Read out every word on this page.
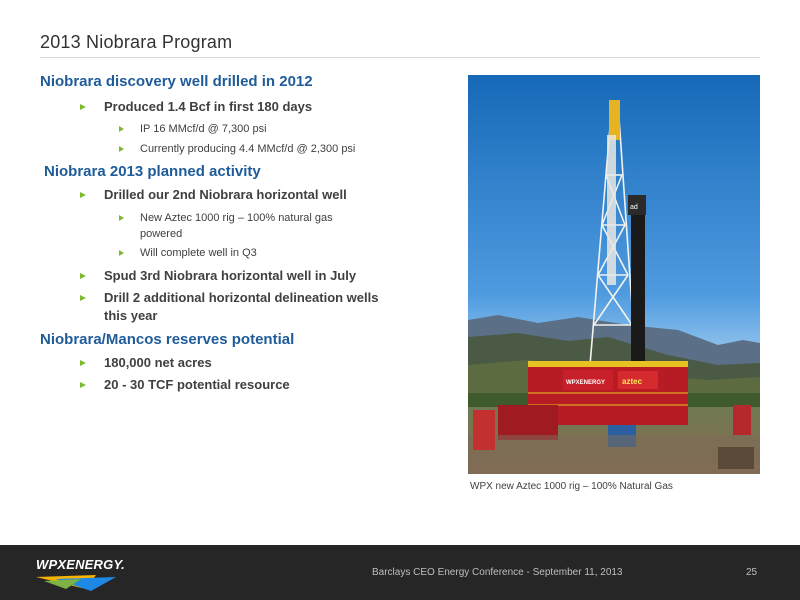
2013 Niobrara Program
Niobrara discovery well drilled in 2012
Produced 1.4 Bcf in first 180 days
IP 16 MMcf/d @ 7,300 psi
Currently producing 4.4 MMcf/d @ 2,300 psi
Niobrara 2013 planned activity
Drilled our 2nd Niobrara horizontal well
New Aztec 1000 rig – 100% natural gas powered
Will complete well in Q3
Spud 3rd Niobrara horizontal well in July
Drill 2 additional horizontal delineation wells this year
Niobrara/Mancos reserves potential
180,000 net acres
20 - 30 TCF potential resource
ad
WPXENERGY aztec
WPX new Aztec 1000 rig – 100% Natural Gas
WPXENERGY.
Barclays CEO Energy Conference - September 11, 2013	25
